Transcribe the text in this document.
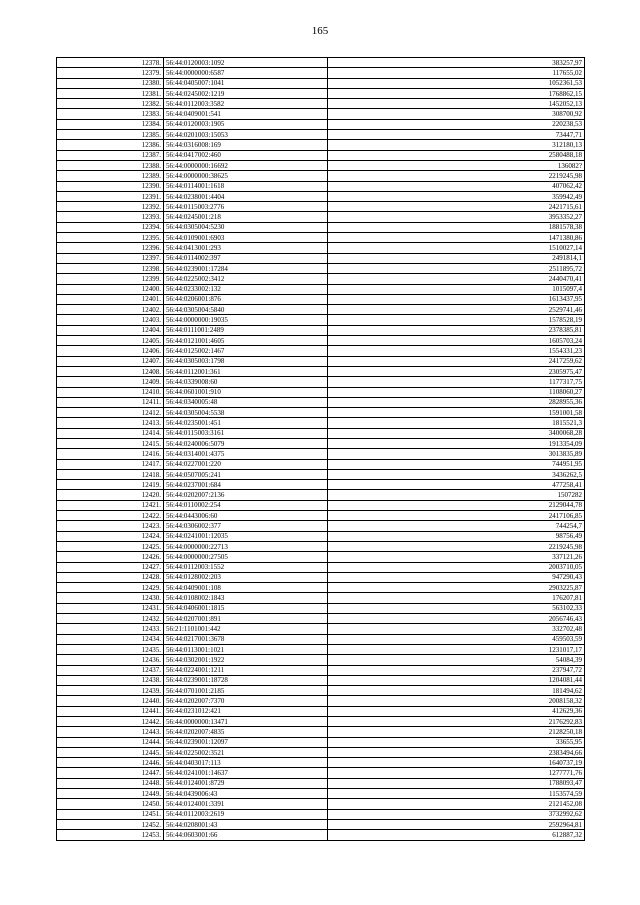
165
12378.	56:44:0120003:1092	383257,97
12379.	56:44:0000000:6587	117655,02
12380.	56:44:0405007:1041	1052361,53
12381.	56:44:0245002:1219	1768862,15
12382.	56:44:0112003:3582	1452052,13
12383.	56:44:0409001:541	308700,92
12384.	56:44:0120003:1905	220238,53
12385.	56:44:0201003:15053	73447,71
12386.	56:44:0316008:169	312180,13
12387.	56:44:0417002:460	2580488,18
12388.	56:44:0000000:16692	136082?
12389.	56:44:0000000:38625	2219245,98
12390.	56:44:0114001:1618	407062,42
12391.	56:44:0238001:4404	359942,49
12392.	56:44:0115003:2776	2421715,61
12393.	56:44:0245001:218	3953352,27
12394.	56:44:0305004:5230	1881578,38
12395.	56:44:0109001:6903	1471380,86
12396.	56:44:0413001:293	1510027,14
12397.	56:44:0114002:397	2491814,1
12398.	56:44:0239001:17284	2511895,72
12399.	56:44:0225002:3412	2440470,41
12400.	56:44:0233002:132	1015097,4
12401.	56:44:0206001:876	1613437,95
12402.	56:44:0305004:5840	2529741,46
12403.	56:44:0000000:19035	1578528,19
12404.	56:44:0111001:2489	2378385,81
12405.	56:44:0121001:4605	1605703,24
12406.	56:44:0125002:1467	1554331,23
12407.	56:44:0305003:1798	2417259,62
12408.	56:44:0112001:361	2305975,47
12409.	56:44:0339008:60	1177317,75
12410.	56:44:0601001:910	1108060,27
12411.	56:44:0340005:48	2828955,36
12412.	56:44:0305004:5538	1591001,58
12413.	56:44:0235001:451	1815521,3
12414.	56:44:0115003:3161	3400068,28
12415.	56:44:0240006:5079	1913354,09
12416.	56:44:0314001:4375	3013835,89
12417.	56:44:0227001:220	744951,95
12418.	56:44:0507005:241	3436262,5
12419.	56:44:0237001:684	477258,41
12420.	56:44:0202007:2136	1507282
12421.	56:44:0110002:254	2129044,78
12422.	56:44:0443006:60	2417106,85
12423.	56:44:0306002:377	744254,7
12424.	56:44:0241001:12035	98756,49
12425.	56:44:0000000:22713	2219245,98
12426.	56:44:0000000:27505	337121,26
12427.	56:44:0112003:1552	2003710,05
12428.	56:44:0128002:203	947290,43
12429.	56:44:0409001:108	2903225,87
12430.	56:44:0108002:1843	176207,81
12431.	56:44:0406001:1815	563102,33
12432.	56:44:0207001:891	2056746,43
12433.	56:21:1101001:442	332702,48
12434.	56:44:0217001:3678	459503,59
12435.	56:44:0113001:1021	1231017,17
12436.	56:44:0302001:1922	54084,39
12437.	56:44:0224001:1211	237947,72
12438.	56:44:0239001:18728	1204081,44
12439.	56:44:0701001:2185	181494,62
12440.	56:44:0202007:7370	2008158,32
12441.	56:44:0231012:421	412629,36
12442.	56:44:0000000:13471	2176292,83
12443.	56:44:0202007:4835	2128250,18
12444.	56:44:0239001:12097	33655,95
12445.	56:44:0225002:3521	2383494,66
12446.	56:44:0403017:113	1640737,19
12447.	56:44:0241001:14637	1277771,76
12448.	56:44:0124001:8729	1788093,47
12449.	56:44:0439006:43	1153574,59
12450.	56:44:0124001:3391	2121452,08
12451.	56:44:0112003:2619	3732992,62
12452.	56:44:0208001:43	2592964,81
12453.	56:44:0603001:66	612887,32
